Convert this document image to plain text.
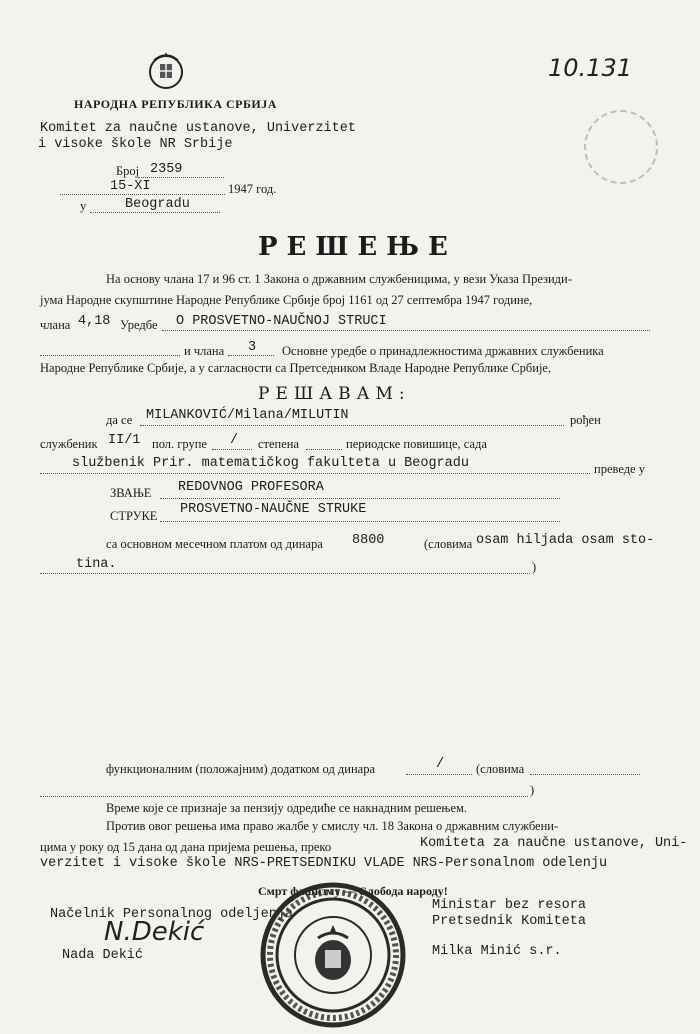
10.131
НАРОДНА РЕПУБЛИКА СРБИЈА
Komitet za naučne ustanove, Univerzitet
i visoke škole NR Srbije
Број 2359
15-XI	1947 год.
у	Beogradu
РЕШЕЊЕ
На основу члана 17 и 96 ст. 1 Закона о државним службеницима, у вези Указа Президи-
јума Народне скупштине Народне Републике Србије број 1161 од 27 септембра 1947 године,
члана 4,18 Уредбе O PROSVETNO-NAUČNOJ STRUCI
и члана 3 Основне уредбе о принадлежностима државних службеника
Народне Републике Србије, а у сагласности са Претседником Владе Народне Републике Србије,
РЕШАВАМ:
да се MILANKOVIĆ/Milana/MILUTIN	рођен
службеник II/1 пол. групе / степена	периодске повишице, сада
službenik Prir. matematičkog fakulteta u Beogradu	преведе у
ЗВАЊЕ REDOVNOG PROFESORA
СТРУКЕ PROSVETNO-NAUČNE STRUKE
са основном месечном платом од динара 8800	(словима osam hiljada osam sto-
tina.	)
функционалним (положајним) додатком од динара	/	(словима
)
Време које се признаје за пензију одредиће се накнадним решењем.
Против овог решења има право жалбе у смислу чл. 18 Закона о државним службени-
цима у року од 15 дана од дана пријема решења, преко	Komiteta za naučne ustanove, Uni-
verzitet i visoke škole NRS-PRETSEDNIKU VLADE NRS-Personalnom odelenju
Смрт фашизму — Слобода народу!
Načelnik Personalnog odeljenja
N.Dekić
Nada Dekić
Ministar bez resora
Pretsednik Komiteta
Milka Minić s.r.
